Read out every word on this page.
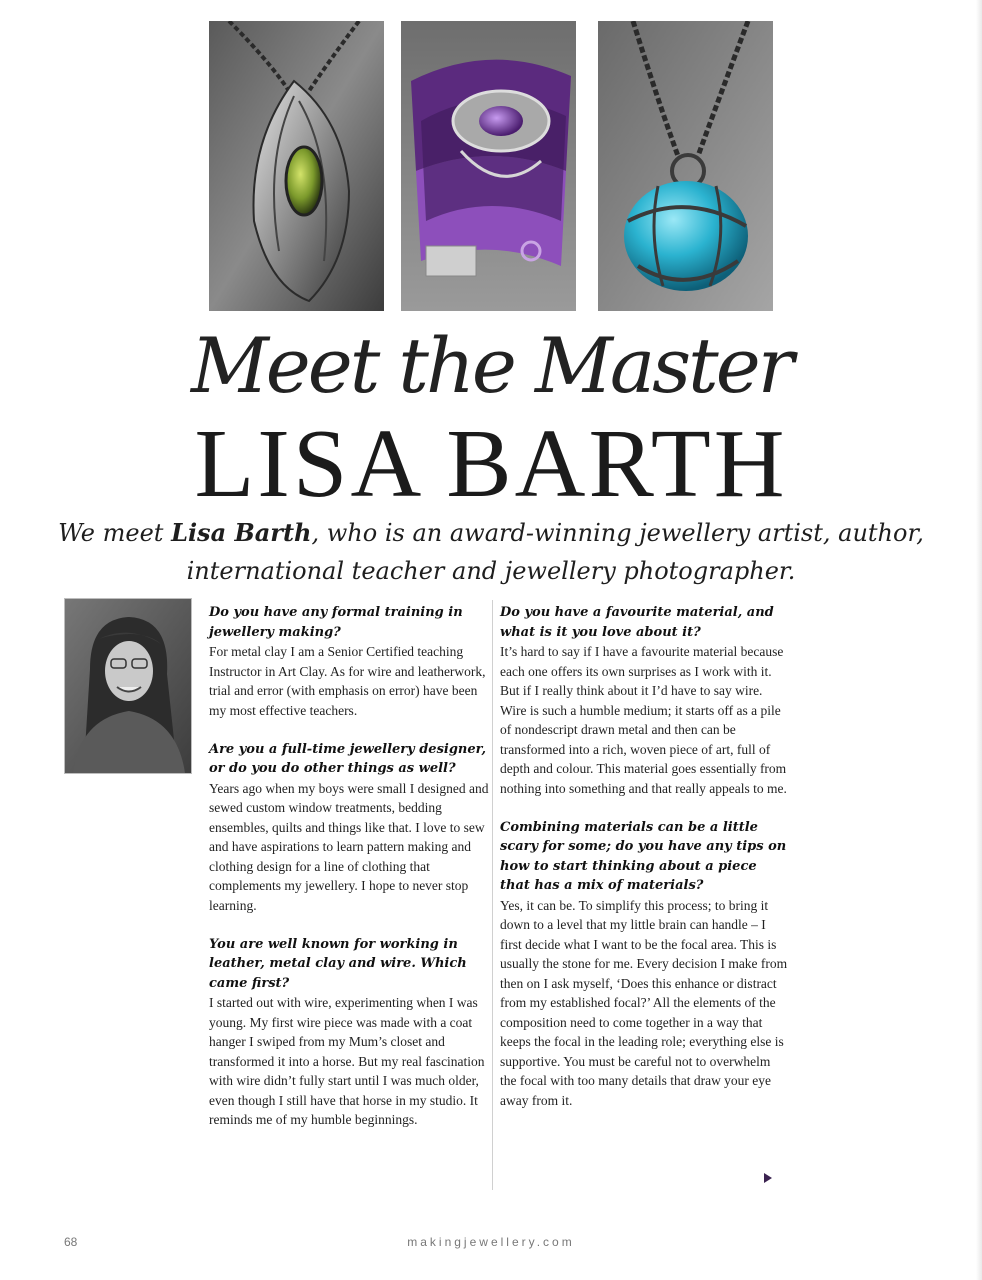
Meet the Master
LISA BARTH

We meet Lisa Barth, who is an award-winning jewellery artist, author, international teacher and jewellery photographer.

Do you have any formal training in jewellery making?
For metal clay I am a Senior Certified teaching Instructor in Art Clay. As for wire and leatherwork, trial and error (with emphasis on error) have been my most effective teachers.

Are you a full-time jewellery designer, or do you do other things as well?
Years ago when my boys were small I designed and sewed custom window treatments, bedding ensembles, quilts and things like that. I love to sew and have aspirations to learn pattern making and clothing design for a line of clothing that complements my jewellery. I hope to never stop learning.

You are well known for working in leather, metal clay and wire. Which came first?
I started out with wire, experimenting when I was young. My first wire piece was made with a coat hanger I swiped from my Mum’s closet and transformed it into a horse. But my real fascination with wire didn’t fully start until I was much older, even though I still have that horse in my studio. It reminds me of my humble beginnings.

Do you have a favourite material, and what is it you love about it?
It’s hard to say if I have a favourite material because each one offers its own surprises as I work with it. But if I really think about it I’d have to say wire. Wire is such a humble medium; it starts off as a pile of nondescript drawn metal and then can be transformed into a rich, woven piece of art, full of depth and colour. This material goes essentially from nothing into something and that really appeals to me.

Combining materials can be a little scary for some; do you have any tips on how to start thinking about a piece that has a mix of materials?
Yes, it can be. To simplify this process; to bring it down to a level that my little brain can handle – I first decide what I want to be the focal area. This is usually the stone for me. Every decision I make from then on I ask myself, ‘Does this enhance or distract from my established focal?’ All the elements of the composition need to come together in a way that keeps the focal in the leading role; everything else is supportive. You must be careful not to overwhelm the focal with too many details that draw your eye away from it.

68	makingjewellery.com
